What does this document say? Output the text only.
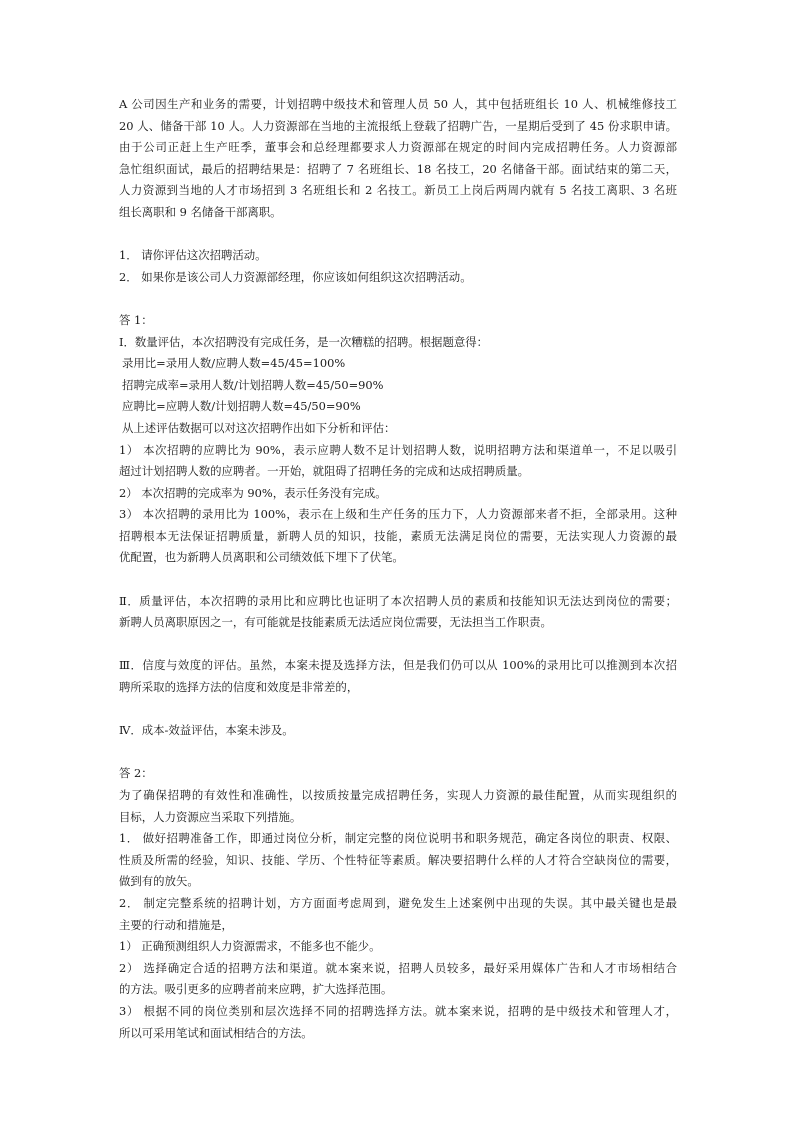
A 公司因生产和业务的需要，计划招聘中级技术和管理人员 50 人，其中包括班组长 10 人、机械维修技工
20 人、储备干部 10 人。人力资源部在当地的主流报纸上登载了招聘广告，一星期后受到了 45 份求职申请。
由于公司正赶上生产旺季，董事会和总经理都要求人力资源部在规定的时间内完成招聘任务。人力资源部
急忙组织面试，最后的招聘结果是：招聘了 7 名班组长、18 名技工，20 名储备干部。面试结束的第二天，
人力资源到当地的人才市场招到 3 名班组长和 2 名技工。新员工上岗后两周内就有 5 名技工离职、3 名班
组长离职和 9 名储备干部离职。
1． 请你评估这次招聘活动。
2． 如果你是该公司人力资源部经理，你应该如何组织这次招聘活动。
答 1：
I．数量评估，本次招聘没有完成任务，是一次糟糕的招聘。根据题意得：
录用比=录用人数/应聘人数=45/45=100%
招聘完成率=录用人数/计划招聘人数=45/50=90%
应聘比=应聘人数/计划招聘人数=45/50=90%
从上述评估数据可以对这次招聘作出如下分析和评估：
1） 本次招聘的应聘比为 90%，表示应聘人数不足计划招聘人数，说明招聘方法和渠道单一，不足以吸引
超过计划招聘人数的应聘者。一开始，就阻碍了招聘任务的完成和达成招聘质量。
2） 本次招聘的完成率为 90%，表示任务没有完成。
3） 本次招聘的录用比为 100%，表示在上级和生产任务的压力下，人力资源部来者不拒，全部录用。这种
招聘根本无法保证招聘质量，新聘人员的知识，技能，素质无法满足岗位的需要，无法实现人力资源的最
优配置，也为新聘人员离职和公司绩效低下埋下了伏笔。
Ⅱ．质量评估，本次招聘的录用比和应聘比也证明了本次招聘人员的素质和技能知识无法达到岗位的需要；
新聘人员离职原因之一，有可能就是技能素质无法适应岗位需要，无法担当工作职责。
Ⅲ．信度与效度的评估。虽然，本案未提及选择方法，但是我们仍可以从 100%的录用比可以推测到本次招
聘所采取的选择方法的信度和效度是非常差的，
Ⅳ．成本-效益评估，本案未涉及。
答 2：
为了确保招聘的有效性和准确性，以按质按量完成招聘任务，实现人力资源的最佳配置，从而实现组织的
目标，人力资源应当采取下列措施。
1． 做好招聘准备工作，即通过岗位分析，制定完整的岗位说明书和职务规范，确定各岗位的职责、权限、
性质及所需的经验，知识、技能、学历、个性特征等素质。解决要招聘什么样的人才符合空缺岗位的需要，
做到有的放矢。
2． 制定完整系统的招聘计划，方方面面考虑周到，避免发生上述案例中出现的失误。其中最关键也是最
主要的行动和措施是，
1） 正确预测组织人力资源需求，不能多也不能少。
2） 选择确定合适的招聘方法和渠道。就本案来说，招聘人员较多，最好采用媒体广告和人才市场相结合
的方法。吸引更多的应聘者前来应聘，扩大选择范围。
3） 根据不同的岗位类别和层次选择不同的招聘选择方法。就本案来说，招聘的是中级技术和管理人才，
所以可采用笔试和面试相结合的方法。
